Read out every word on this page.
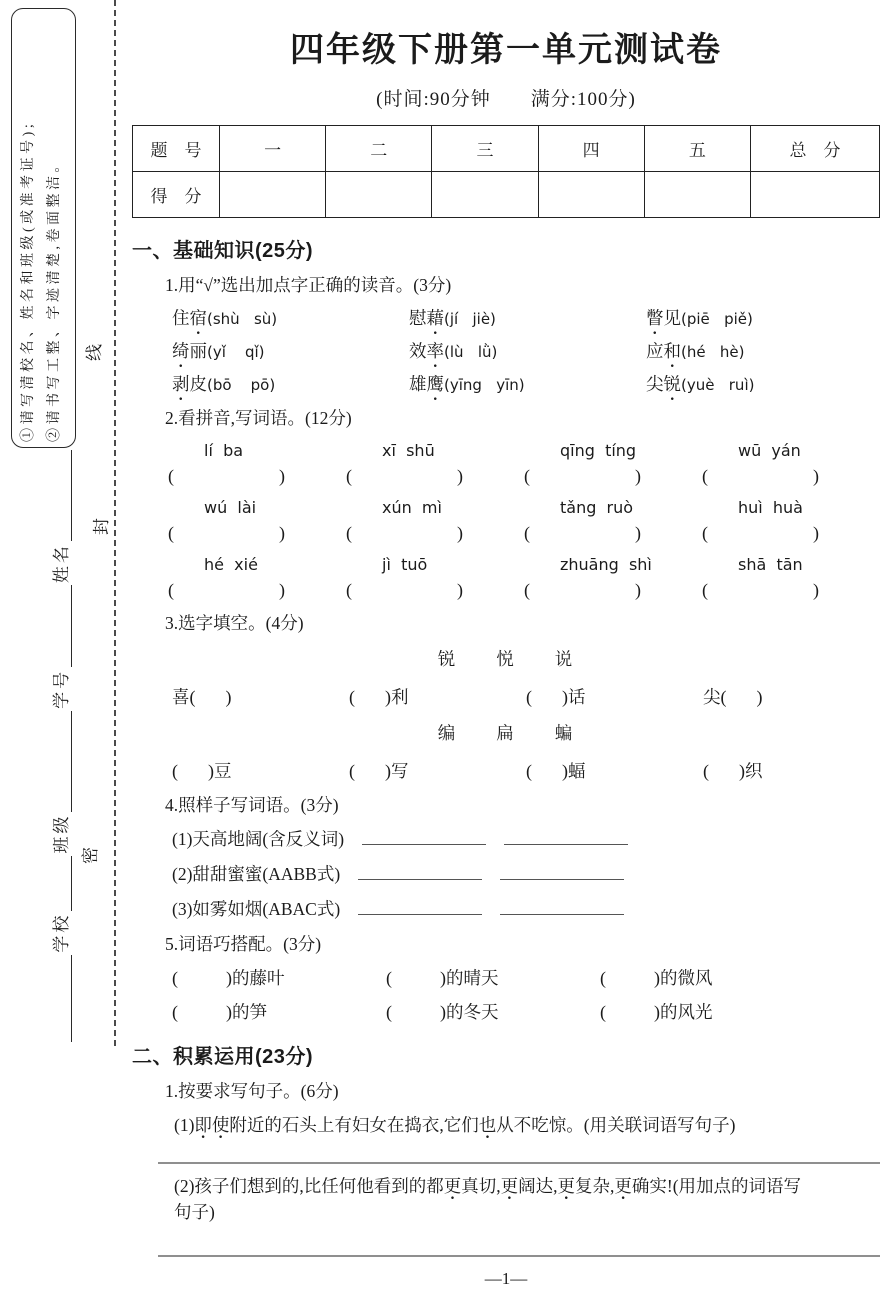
①请写清校名、姓名和班级(或准考证号); ②请书写工整、字迹清楚,卷面整洁。
学校
班级
学号
姓名
线
封
密
四年级下册第一单元测试卷
(时间:90分钟　　满分:100分)
题　号	一	二	三	四	五	总　分
得　分						
一、基础知识(25分)
1.用“√”选出加点字正确的读音。(3分)
住宿(shù   sù)	慰藉(jí   jiè)	瞥见(piē   piě)
绮丽(yǐ    qǐ)	效率(lù   lǜ)	应和(hé   hè)
剥皮(bō    pō)	雄鹰(yīng   yīn)	尖锐(yuè   ruì)
2.看拼音,写词语。(12分)
lí  ba	xī  shū	qīng  tíng	wū  yán
(	)	(	)	(	)	(	)
wú  lài	xún  mì	tǎng  ruò	huì  huà
(	)	(	)	(	)	(	)
hé  xié	jì  tuō	zhuāng  shì	shā  tān
(	)	(	)	(	)	(	)
3.选字填空。(4分)
锐　　悦　　说
喜( )	( )利	( )话	尖( )
编　　扁　　蝙
( )豆	( )写	( )蝠	( )织
4.照样子写词语。(3分)
(1)天高地阔(含反义词)
(2)甜甜蜜蜜(AABB式)
(3)如雾如烟(ABAC式)
5.词语巧搭配。(3分)
(	)的藤叶	(	)的晴天	(	)的微风
(	)的笋	(	)的冬天	(	)的风光
二、积累运用(23分)
1.按要求写句子。(6分)
(1)即使附近的石头上有妇女在捣衣,它们也从不吃惊。(用关联词语写句子)
(2)孩子们想到的,比任何他看到的都更真切,更阔达,更复杂,更确实!(用加点的词语写
句子)
—1—
